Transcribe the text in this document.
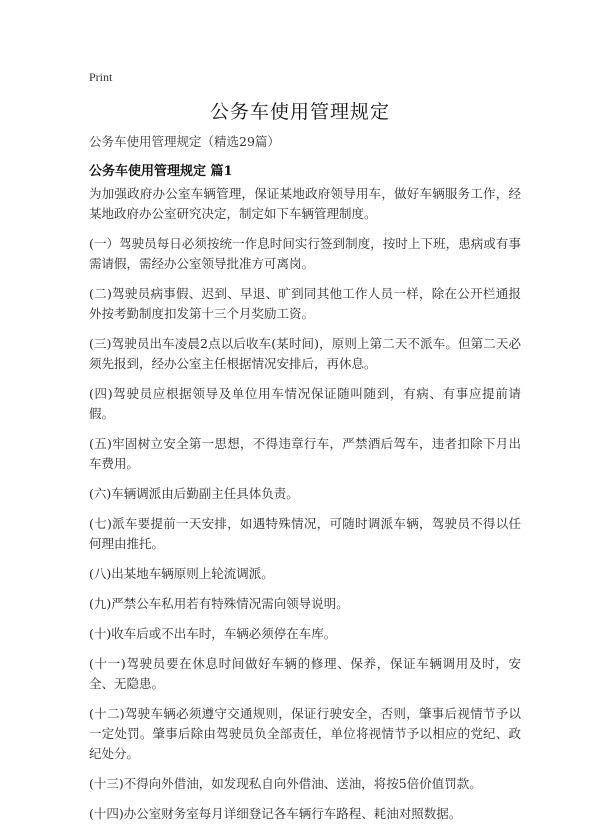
Print
公务车使用管理规定
公务车使用管理规定（精选29篇）
公务车使用管理规定 篇1

为加强政府办公室车辆管理，保证某地政府领导用车，做好车辆服务工作，经某地政府办公室研究决定，制定如下车辆管理制度。

(一）驾驶员每日必须按统一作息时间实行签到制度，按时上下班，患病或有事需请假，需经办公室领导批准方可离岗。

(二)驾驶员病事假、迟到、早退、旷到同其他工作人员一样，除在公开栏通报外按考勤制度扣发第十三个月奖励工资。

(三)驾驶员出车凌晨2点以后收车(某时间)，原则上第二天不派车。但第二天必须先报到，经办公室主任根据情况安排后，再休息。

(四)驾驶员应根据领导及单位用车情况保证随叫随到，有病、有事应提前请假。

(五)牢固树立安全第一思想，不得违章行车，严禁酒后驾车，违者扣除下月出车费用。

(六)车辆调派由后勤副主任具体负责。

(七)派车要提前一天安排，如遇特殊情况，可随时调派车辆，驾驶员不得以任何理由推托。

(八)出某地车辆原则上轮流调派。

(九)严禁公车私用若有特殊情况需向领导说明。

(十)收车后或不出车时，车辆必须停在车库。

(十一)驾驶员要在休息时间做好车辆的修理、保养，保证车辆调用及时，安全、无隐患。

(十二)驾驶车辆必须遵守交通规则，保证行驶安全，否则，肇事后视情节予以一定处罚。肇事后除由驾驶员负全部责任，单位将视情节予以相应的党纪、政纪处分。

(十三)不得向外借油，如发现私自向外借油、送油，将按5倍价值罚款。

(十四)办公室财务室每月详细登记各车辆行车路程、耗油对照数据。
